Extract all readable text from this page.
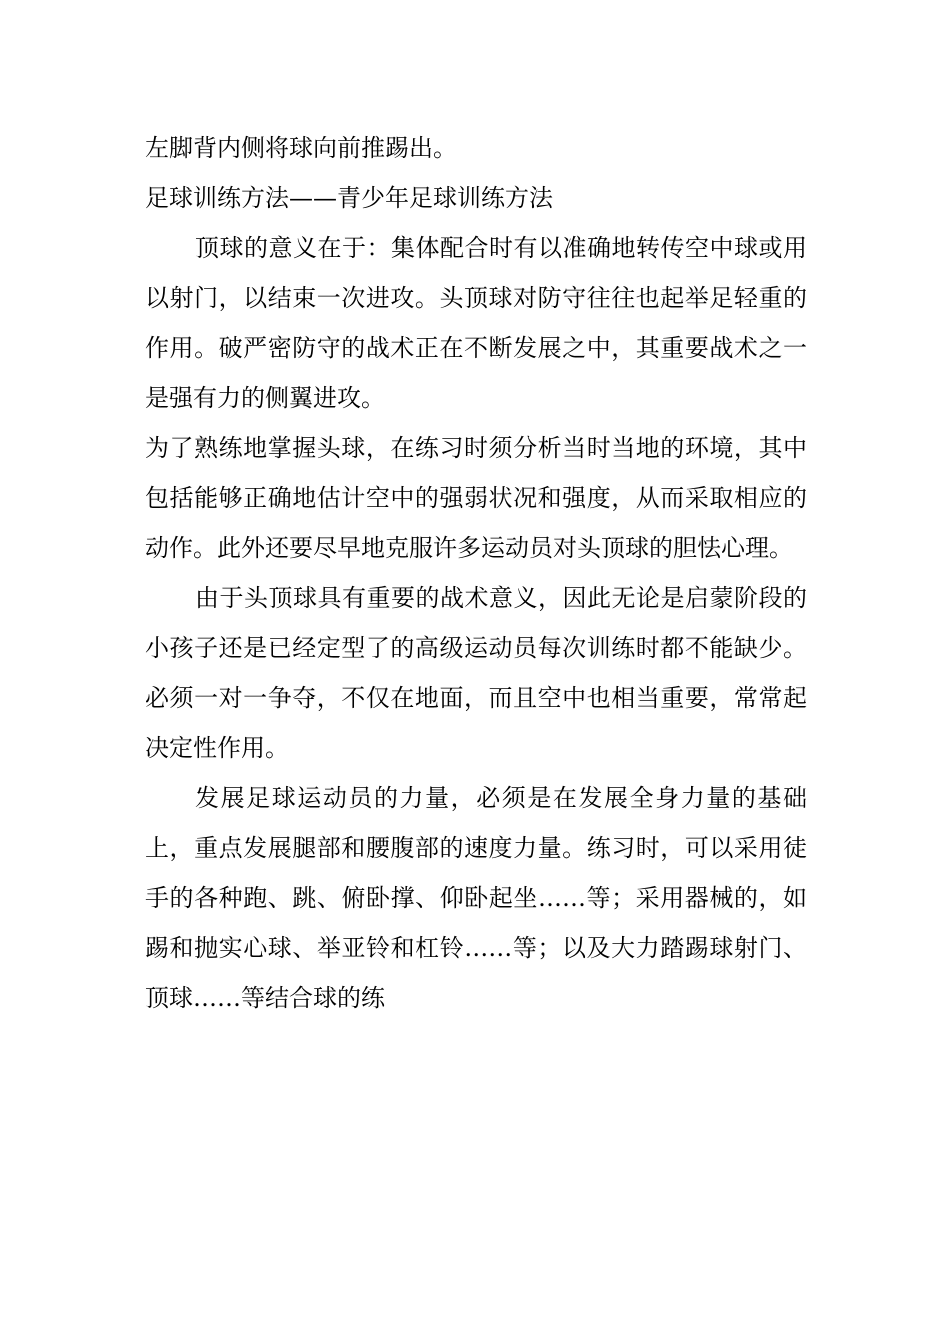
左脚背内侧将球向前推踢出。

足球训练方法——青少年足球训练方法

顶球的意义在于：集体配合时有以准确地转传空中球或用以射门，以结束一次进攻。头顶球对防守往往也起举足轻重的作用。破严密防守的战术正在不断发展之中，其重要战术之一是强有力的侧翼进攻。

为了熟练地掌握头球，在练习时须分析当时当地的环境，其中包括能够正确地估计空中的强弱状况和强度，从而采取相应的动作。此外还要尽早地克服许多运动员对头顶球的胆怯心理。

由于头顶球具有重要的战术意义，因此无论是启蒙阶段的小孩子还是已经定型了的高级运动员每次训练时都不能缺少。必须一对一争夺，不仅在地面，而且空中也相当重要，常常起决定性作用。

发展足球运动员的力量，必须是在发展全身力量的基础上，重点发展腿部和腰腹部的速度力量。练习时，可以采用徒手的各种跑、跳、俯卧撑、仰卧起坐……等；采用器械的，如踢和抛实心球、举亚铃和杠铃……等；以及大力踏踢球射门、顶球……等结合球的练
